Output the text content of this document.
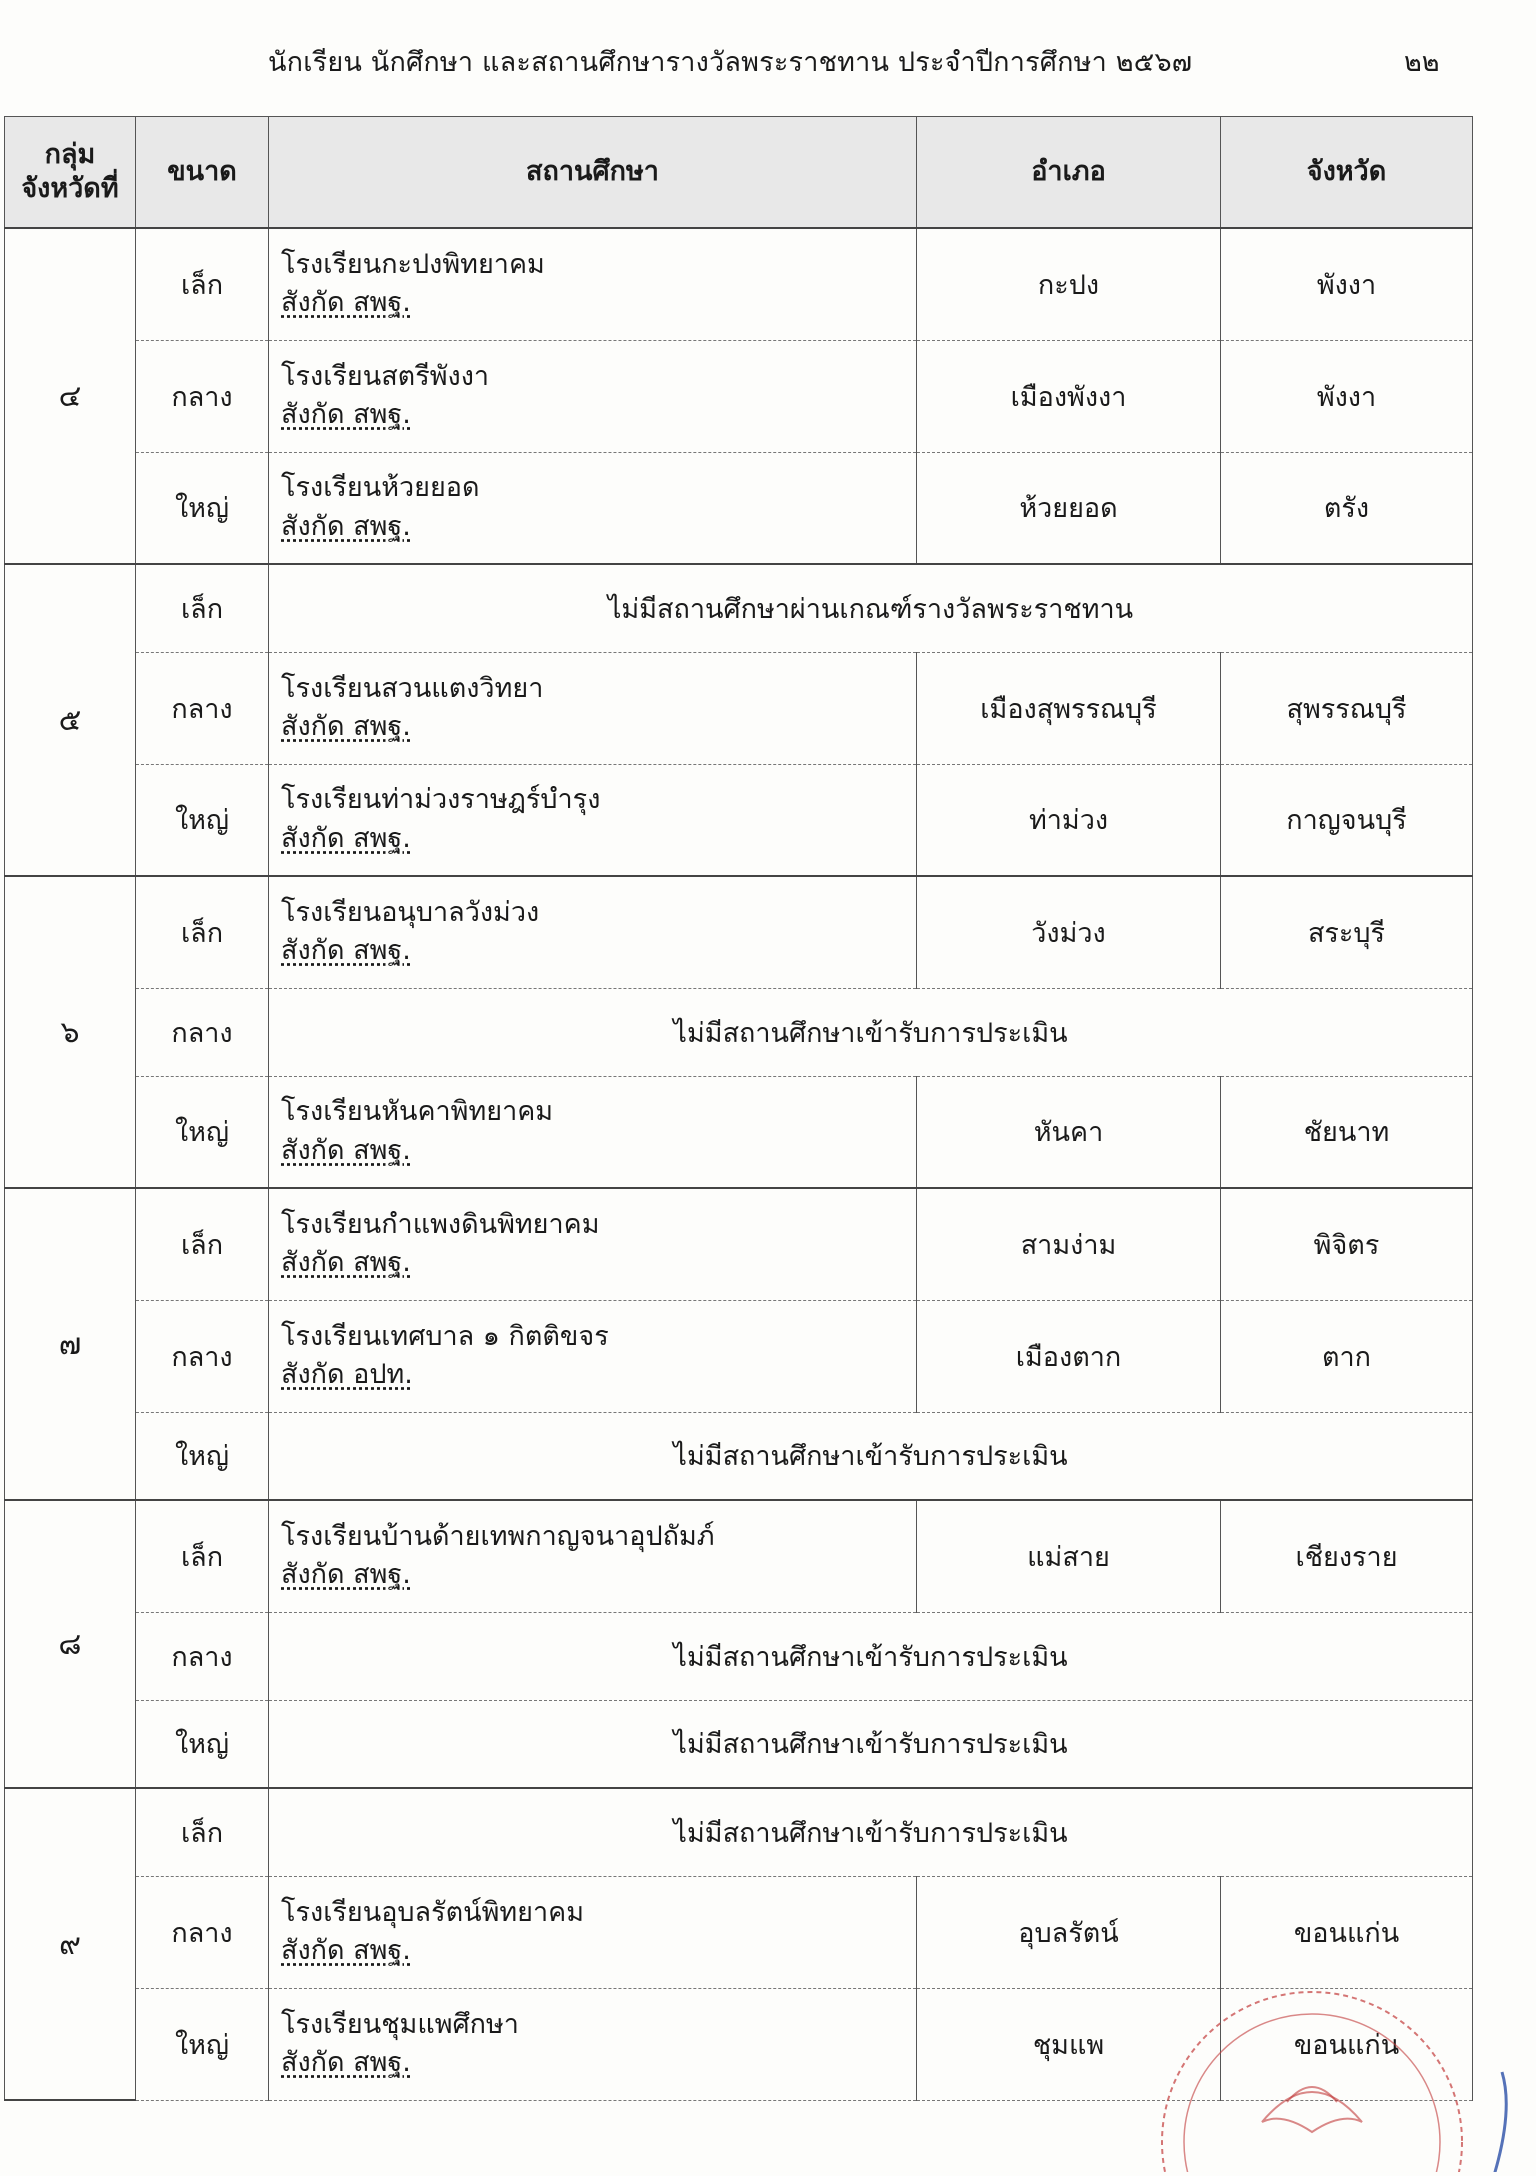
นักเรียน นักศึกษา และสถานศึกษารางวัลพระราชทาน ประจำปีการศึกษา ๒๕๖๗	๒๒
กลุ่ม
จังหวัดที่	ขนาด	สถานศึกษา	อำเภอ	จังหวัด
๔	เล็ก	โรงเรียนกะปงพิทยาคม
สังกัด สพฐ.	กะปง	พังงา
	กลาง	โรงเรียนสตรีพังงา
สังกัด สพฐ.	เมืองพังงา	พังงา
	ใหญ่	โรงเรียนห้วยยอด
สังกัด สพฐ.	ห้วยยอด	ตรัง
๕	เล็ก	ไม่มีสถานศึกษาผ่านเกณฑ์รางวัลพระราชทาน		
	กลาง	โรงเรียนสวนแตงวิทยา
สังกัด สพฐ.	เมืองสุพรรณบุรี	สุพรรณบุรี
	ใหญ่	โรงเรียนท่าม่วงราษฎร์บำรุง
สังกัด สพฐ.	ท่าม่วง	กาญจนบุรี
๖	เล็ก	โรงเรียนอนุบาลวังม่วง
สังกัด สพฐ.	วังม่วง	สระบุรี
	กลาง	ไม่มีสถานศึกษาเข้ารับการประเมิน		
	ใหญ่	โรงเรียนหันคาพิทยาคม
สังกัด สพฐ.	หันคา	ชัยนาท
๗	เล็ก	โรงเรียนกำแพงดินพิทยาคม
สังกัด สพฐ.	สามง่าม	พิจิตร
	กลาง	โรงเรียนเทศบาล ๑ กิตติขจร
สังกัด อปท.	เมืองตาก	ตาก
	ใหญ่	ไม่มีสถานศึกษาเข้ารับการประเมิน		
๘	เล็ก	โรงเรียนบ้านด้ายเทพกาญจนาอุปถัมภ์
สังกัด สพฐ.	แม่สาย	เชียงราย
	กลาง	ไม่มีสถานศึกษาเข้ารับการประเมิน		
	ใหญ่	ไม่มีสถานศึกษาเข้ารับการประเมิน		
๙	เล็ก	ไม่มีสถานศึกษาเข้ารับการประเมิน		
	กลาง	โรงเรียนอุบลรัตน์พิทยาคม
สังกัด สพฐ.	อุบลรัตน์	ขอนแก่น
	ใหญ่	โรงเรียนชุมแพศึกษา
สังกัด สพฐ.	ชุมแพ	ขอนแก่น
